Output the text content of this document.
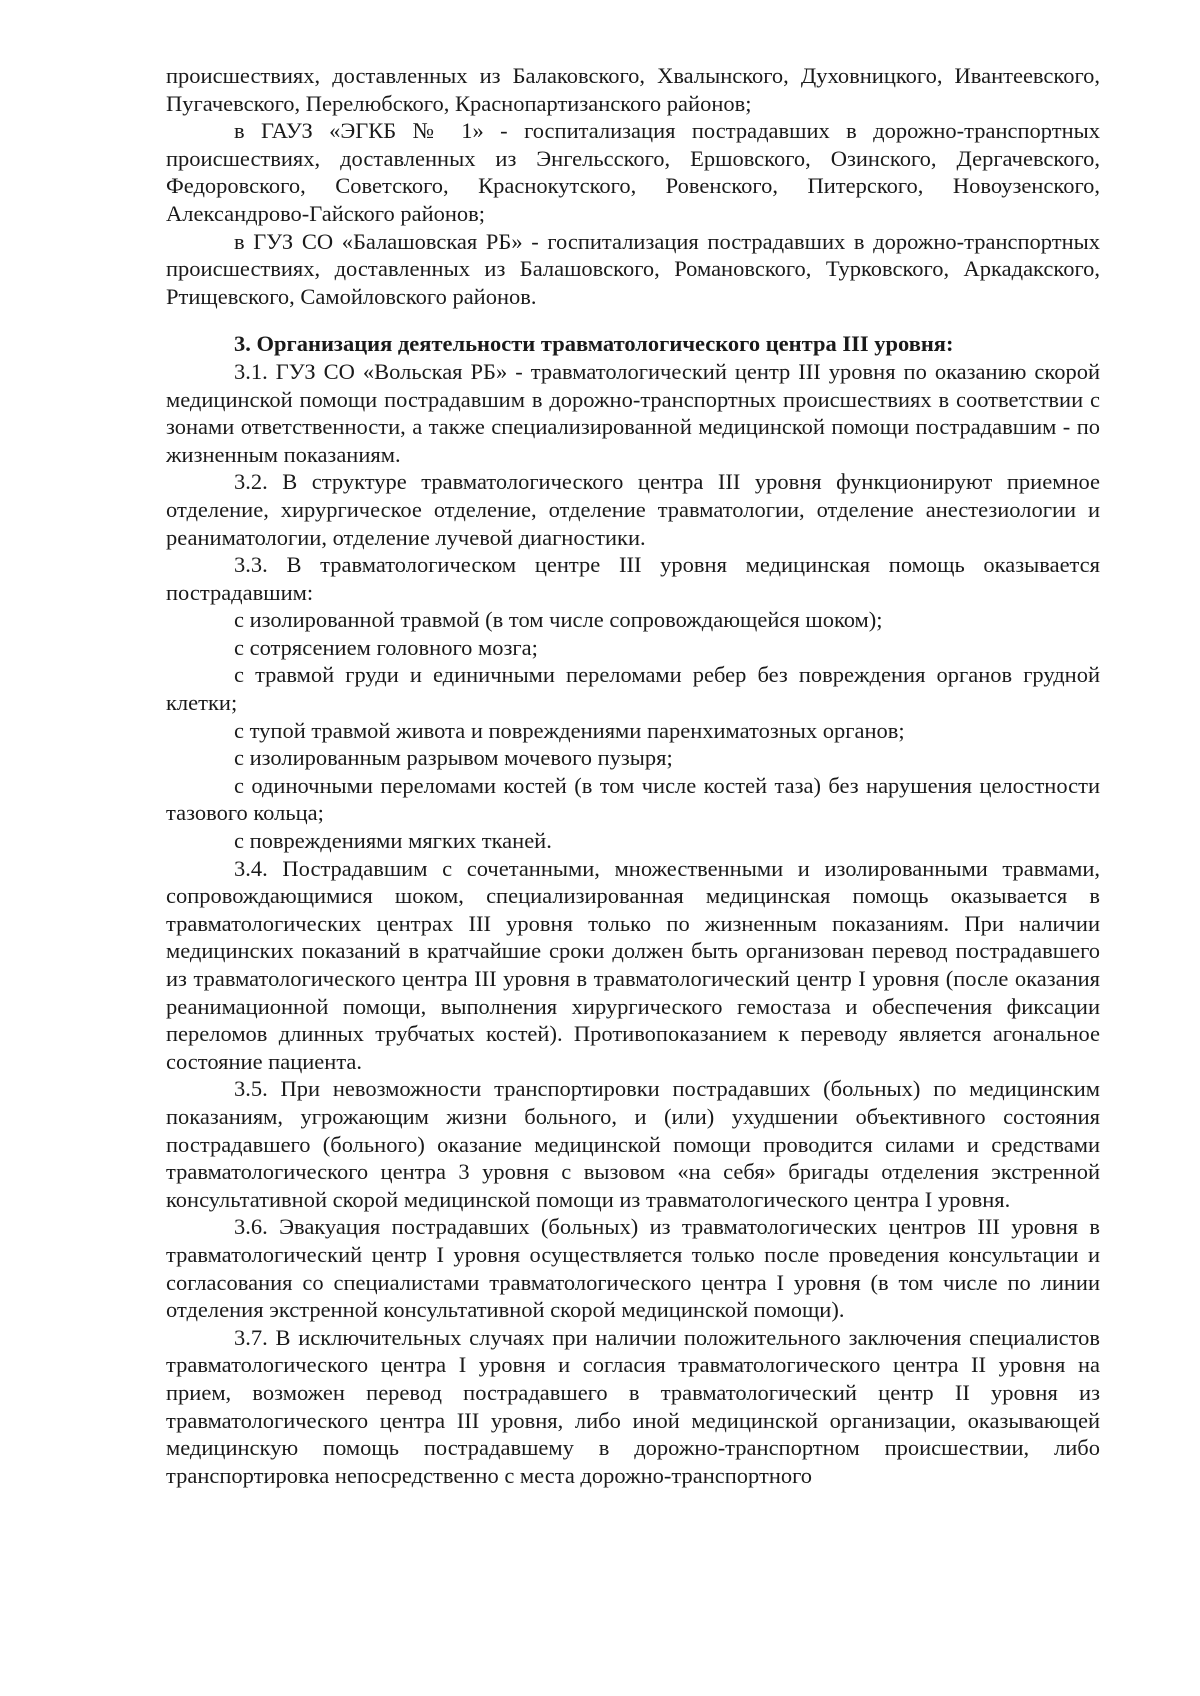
происшествиях, доставленных из Балаковского, Хвалынского, Духовницкого, Ивантеевского, Пугачевского, Перелюбского, Краснопартизанского районов;

в ГАУЗ «ЭГКБ № 1» - госпитализация пострадавших в дорожно-транспортных происшествиях, доставленных из Энгельсского, Ершовского, Озинского, Дергачевского, Федоровского, Советского, Краснокутского, Ровенского, Питерского, Новоузенского, Александрово-Гайского районов;

в ГУЗ СО «Балашовская РБ» - госпитализация пострадавших в дорожно-транспортных происшествиях, доставленных из Балашовского, Романовского, Турковского, Аркадакского, Ртищевского, Самойловского районов.

3. Организация деятельности травматологического центра III уровня:

3.1. ГУЗ СО «Вольская РБ» - травматологический центр III уровня по оказанию скорой медицинской помощи пострадавшим в дорожно-транспортных происшествиях в соответствии с зонами ответственности, а также специализированной медицинской помощи пострадавшим - по жизненным показаниям.

3.2. В структуре травматологического центра III уровня функционируют приемное отделение, хирургическое отделение, отделение травматологии, отделение анестезиологии и реаниматологии, отделение лучевой диагностики.

3.3. В травматологическом центре III уровня медицинская помощь оказывается пострадавшим:

с изолированной травмой (в том числе сопровождающейся шоком);

с сотрясением головного мозга;

с травмой груди и единичными переломами ребер без повреждения органов грудной клетки;

с тупой травмой живота и повреждениями паренхиматозных органов;

с изолированным разрывом мочевого пузыря;

с одиночными переломами костей (в том числе костей таза) без нарушения целостности тазового кольца;

с повреждениями мягких тканей.

3.4. Пострадавшим с сочетанными, множественными и изолированными травмами, сопровождающимися шоком, специализированная медицинская помощь оказывается в травматологических центрах III уровня только по жизненным показаниям. При наличии медицинских показаний в кратчайшие сроки должен быть организован перевод пострадавшего из травматологического центра III уровня в травматологический центр I уровня (после оказания реанимационной помощи, выполнения хирургического гемостаза и обеспечения фиксации переломов длинных трубчатых костей). Противопоказанием к переводу является агональное состояние пациента.

3.5. При невозможности транспортировки пострадавших (больных) по медицинским показаниям, угрожающим жизни больного, и (или) ухудшении объективного состояния пострадавшего (больного) оказание медицинской помощи проводится силами и средствами травматологического центра 3 уровня с вызовом «на себя» бригады отделения экстренной консультативной скорой медицинской помощи из травматологического центра I уровня.

3.6. Эвакуация пострадавших (больных) из травматологических центров III уровня в травматологический центр I уровня осуществляется только после проведения консультации и согласования со специалистами травматологического центра I уровня (в том числе по линии отделения экстренной консультативной скорой медицинской помощи).

3.7. В исключительных случаях при наличии положительного заключения специалистов травматологического центра I уровня и согласия травматологического центра II уровня на прием, возможен перевод пострадавшего в травматологический центр II уровня из травматологического центра III уровня, либо иной медицинской организации, оказывающей медицинскую помощь пострадавшему в дорожно-транспортном происшествии, либо транспортировка непосредственно с места дорожно-транспортного
